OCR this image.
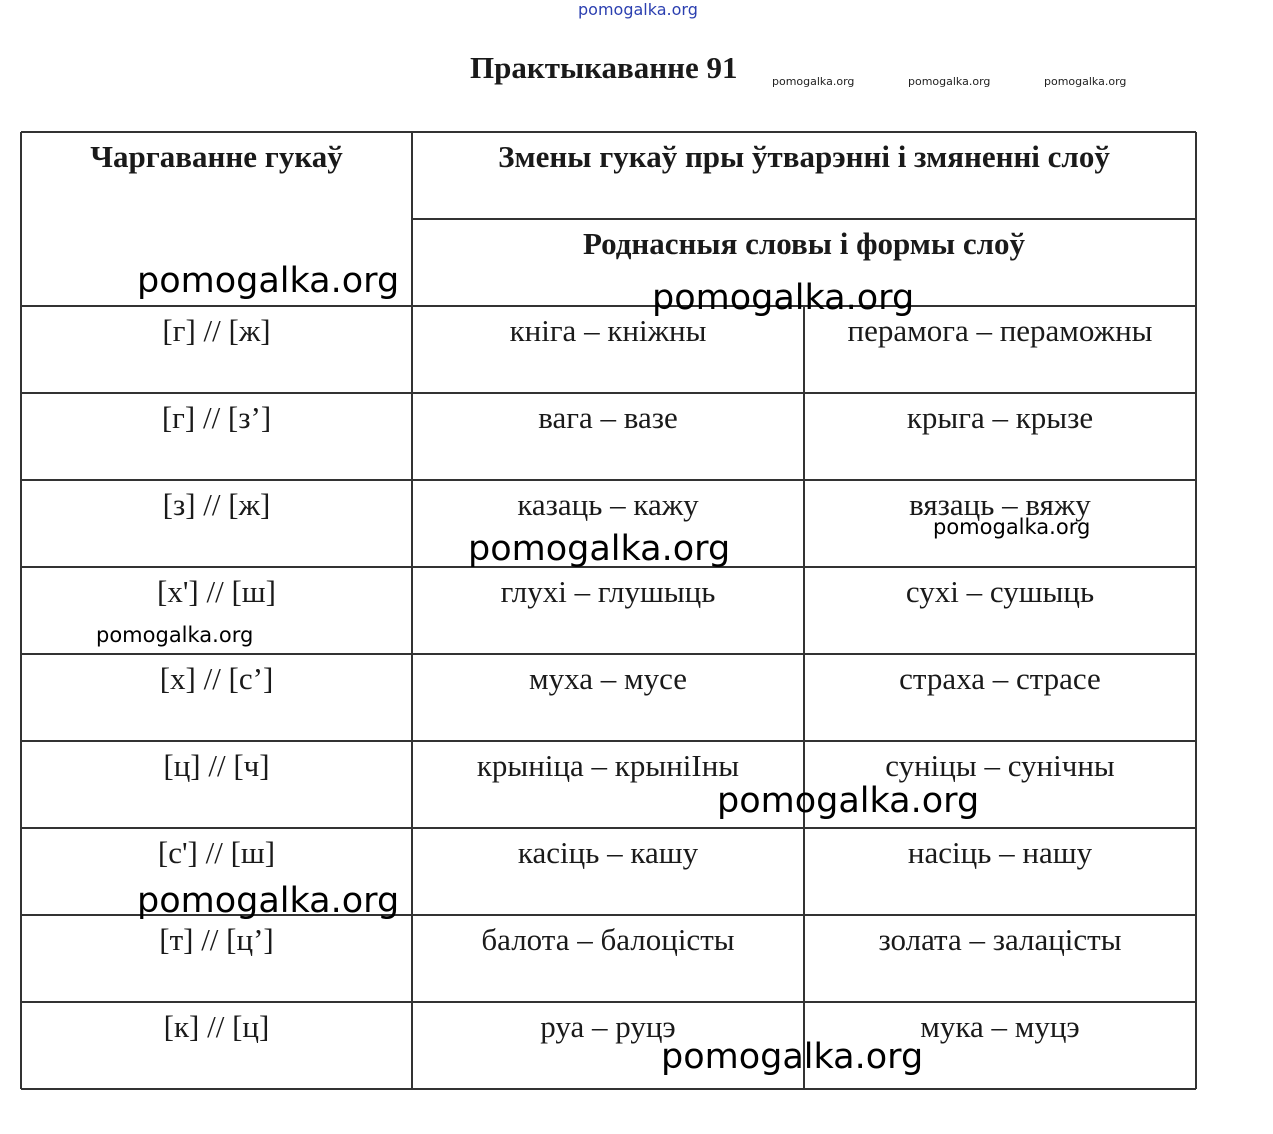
pomogalka.org
Практыкаванне 91	pomogalka.org	pomogalka.org	pomogalka.org
Чаргаванне гукаў	Змены гукаў пры ўтварэнні і змяненні слоў
Роднасныя словы і формы слоў
[г] // [ж]	кніга – кніжны	перамога – пераможны
[г] // [з’]	вага – вазе	крыга – крызе
[з] // [ж]	казаць – кажу	вязаць – вяжу
[х'] // [ш]	глухі – глушыць	сухі – сушыць
[х] // [с’]	муха – мусе	страха – страсе
[ц] // [ч]	крыніца – крыніІны	суніцы – сунічны
[с'] // [ш]	касіць – кашу	насіць – нашу
[т] // [ц’]	балота – балоцісты	золата – залацісты
[к] // [ц]	руа – руцэ	мука – муцэ
pomogalka.org	pomogalka.org
pomogalka.org
pomogalka.org
pomogalka.org
pomogalka.org
pomogalka.org
pomogalka.org
